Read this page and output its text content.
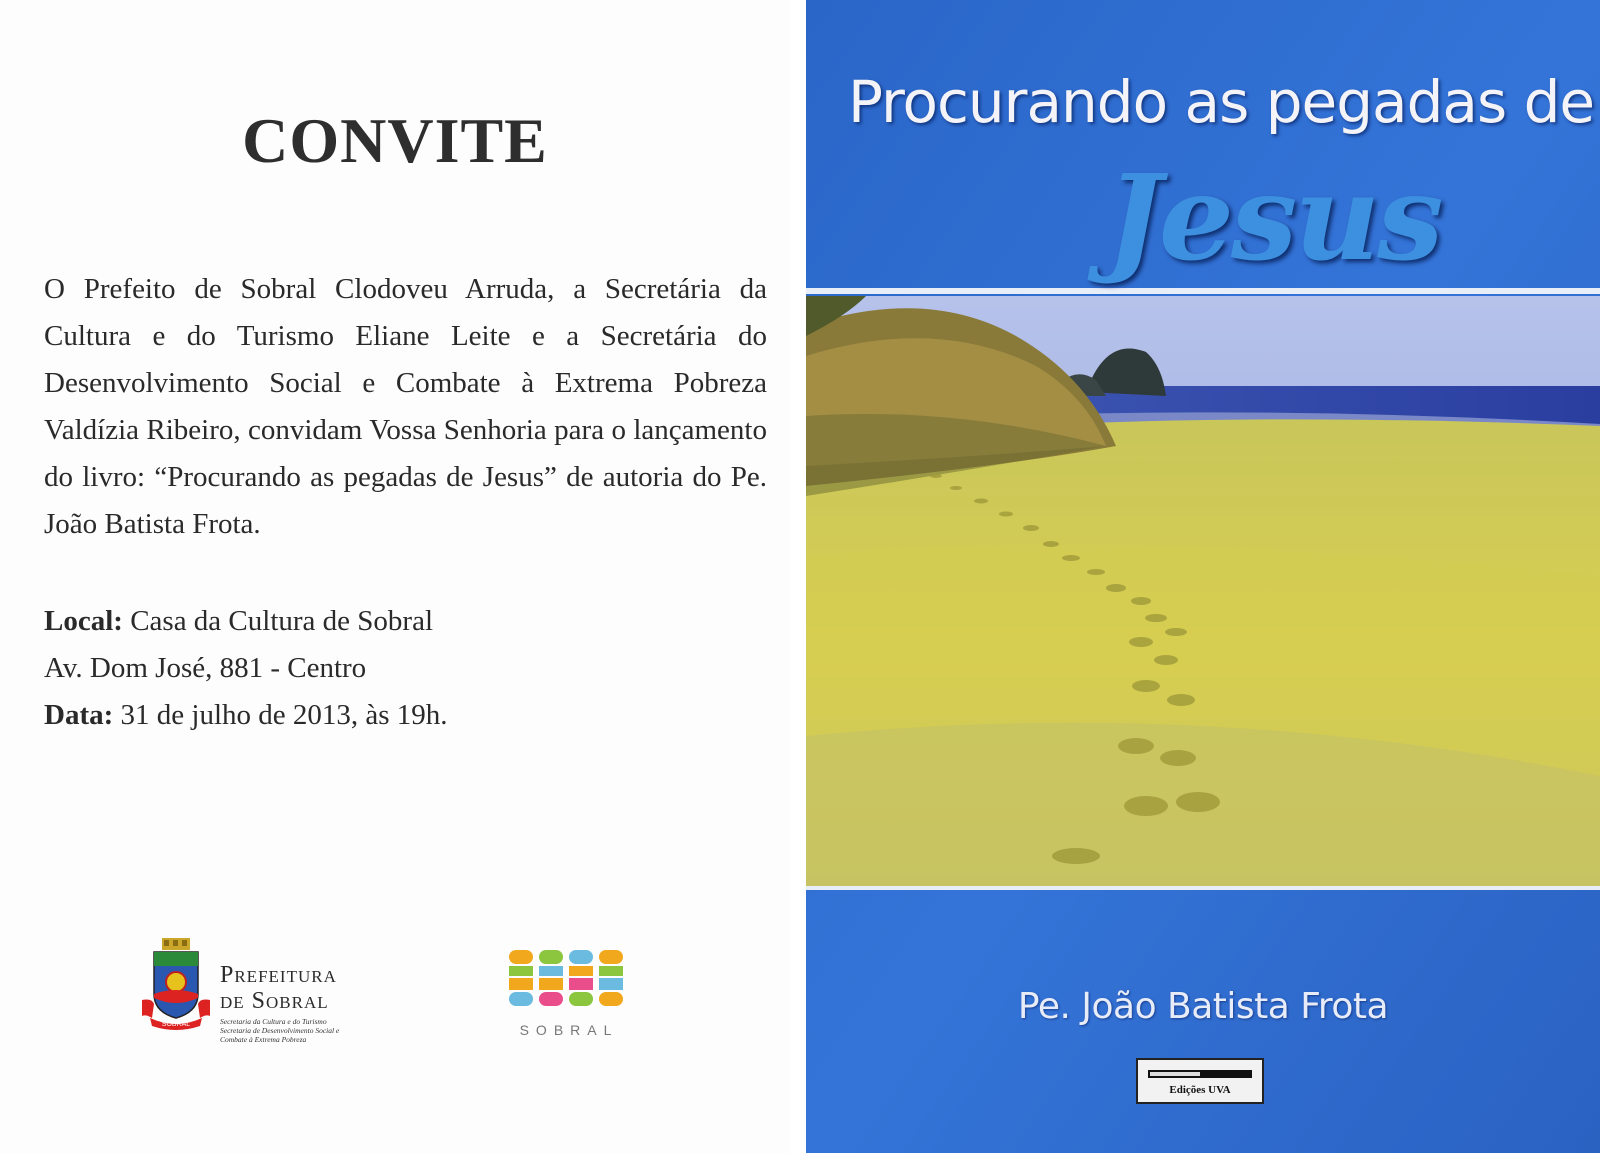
CONVITE

O Prefeito de Sobral Clodoveu Arruda, a Secretária da Cultura e do Turismo Eliane Leite e a Secretária do Desenvolvimento Social e Combate à Extrema Pobreza Valdízia Ribeiro, convidam Vossa Senhoria para o lançamento do livro: “Procurando as pegadas de Jesus” de autoria do Pe. João Batista Frota.

Local: Casa da Cultura de Sobral
Av. Dom José, 881 - Centro
Data: 31 de julho de 2013, às 19h.
SOBRAL
Prefeitura
de Sobral
Secretaria da Cultura e do Turismo
Secretaria de Desenvolvimento Social e
Combate à Extrema Pobreza
SOBRAL
Procurando as pegadas de
Jesus
Pe. João Batista Frota
Edições UVA
